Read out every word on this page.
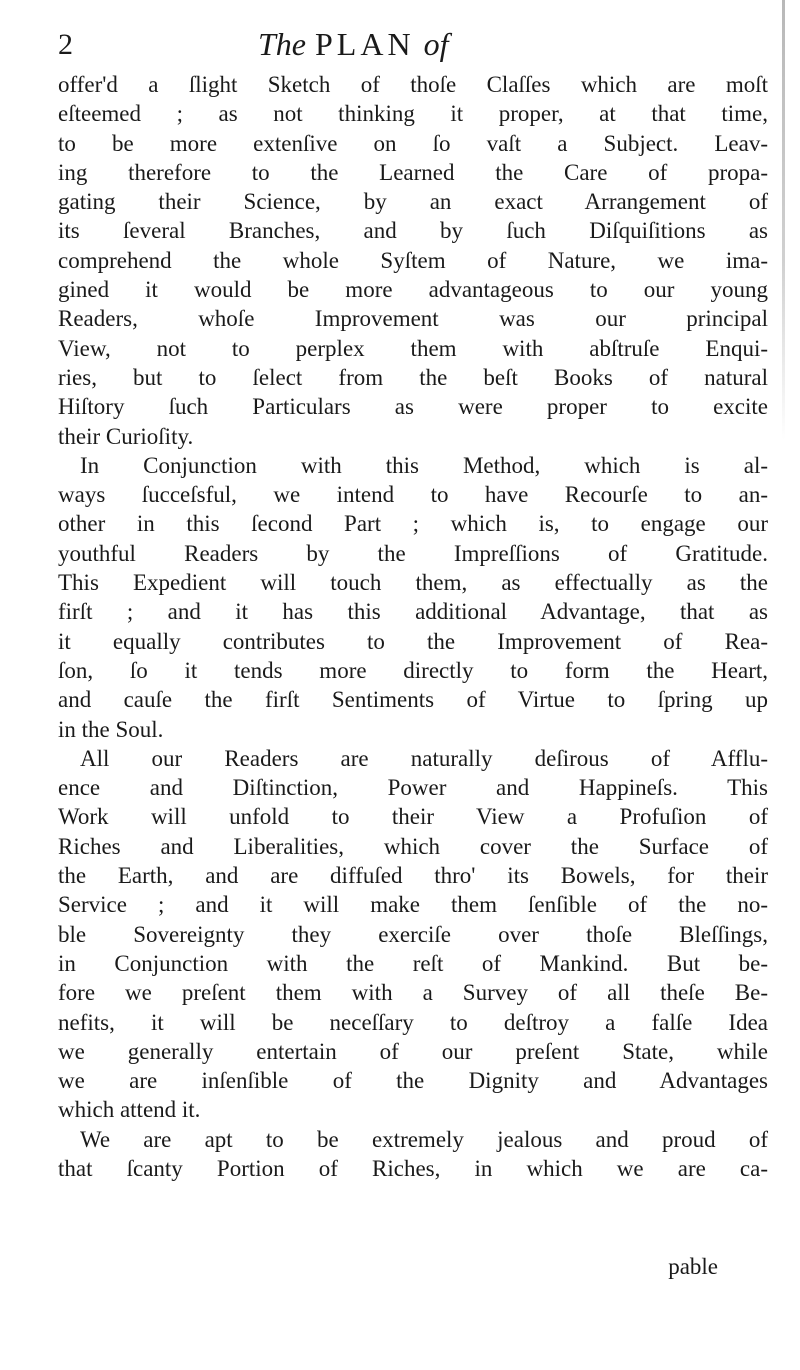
2	The PLAN of
offer'd a ſlight Sketch of thoſe Claſſes which are moſt
eſteemed ; as not thinking it proper, at that time,
to be more extenſive on ſo vaſt a Subject. Leav-
ing therefore to the Learned the Care of propa-
gating their Science, by an exact Arrangement of
its ſeveral Branches, and by ſuch Diſquiſitions as
comprehend the whole Syſtem of Nature, we ima-
gined it would be more advantageous to our young
Readers, whoſe Improvement was our principal
View, not to perplex them with abſtruſe Enqui-
ries, but to ſelect from the beſt Books of natural
Hiſtory ſuch Particulars as were proper to excite
their Curioſity.
In Conjunction with this Method, which is al-
ways ſucceſsful, we intend to have Recourſe to an-
other in this ſecond Part ; which is, to engage our
youthful Readers by the Impreſſions of Gratitude.
This Expedient will touch them, as effectually as the
firſt ; and it has this additional Advantage, that as
it equally contributes to the Improvement of Rea-
ſon, ſo it tends more directly to form the Heart,
and cauſe the firſt Sentiments of Virtue to ſpring up
in the Soul.
All our Readers are naturally deſirous of Afflu-
ence and Diſtinction, Power and Happineſs. This
Work will unfold to their View a Profuſion of
Riches and Liberalities, which cover the Surface of
the Earth, and are diffuſed thro' its Bowels, for their
Service ; and it will make them ſenſible of the no-
ble Sovereignty they exerciſe over thoſe Bleſſings,
in Conjunction with the reſt of Mankind. But be-
fore we preſent them with a Survey of all theſe Be-
nefits, it will be neceſſary to deſtroy a falſe Idea
we generally entertain of our preſent State, while
we are inſenſible of the Dignity and Advantages
which attend it.
We are apt to be extremely jealous and proud of
that ſcanty Portion of Riches, in which we are ca-
pable
